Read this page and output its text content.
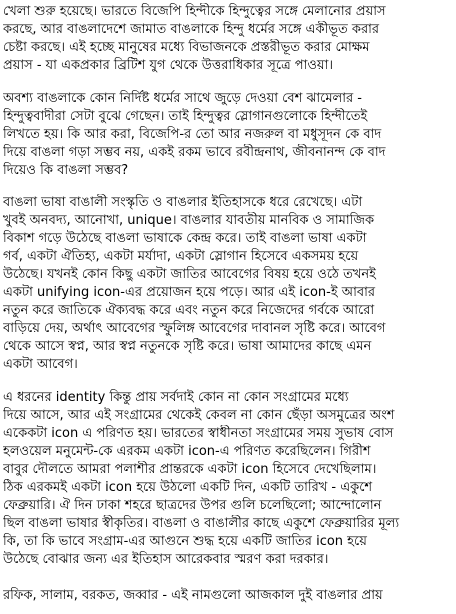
খেলা শুরু হয়েছে। ভারতে বিজেপি হিন্দীকে হিন্দুত্বের সঙ্গে মেলানোর প্রয়াস
করছে, আর বাঙলাদেশে জামাত বাঙলাকে হিন্দু ধর্মের সঙ্গে একীভূত করার
চেষ্টা করছে। এই হচ্ছে মানুষের মধ্যে বিভাজনকে প্রস্তরীভূত করার মোক্ষম
প্রয়াস - যা একপ্রকার ব্রিটিশ যুগ থেকে উত্তরাধিকার সূত্রে পাওয়া।
অবশ্য বাঙলাকে কোন নির্দিষ্ট ধর্মের সাথে জুড়ে দেওয়া বেশ ঝামেলার -
হিন্দুত্ববাদীরা সেটা বুঝে গেছেন। তাই হিন্দুত্বর স্লোগানগুলোকে হিন্দীতেই
লিখতে হয়। কি আর করা, বিজেপি-র তো আর নজরুল বা মধুসূদন কে বাদ
দিয়ে বাঙলা গড়া সম্ভব নয়, একই রকম ভাবে রবীন্দ্রনাথ, জীবনানন্দ কে বাদ
দিয়েও কি বাঙলা সম্ভব?
বাঙলা ভাষা বাঙালী সংস্কৃতি ও বাঙলার ইতিহাসকে ধরে রেখেছে। এটা
খুবই অনবদ্য, আনোখা, unique। বাঙলার যাবতীয় মানবিক ও সামাজিক
বিকাশ গড়ে উঠেছে বাঙলা ভাষাকে কেন্দ্র করে। তাই বাঙলা ভাষা একটা
গর্ব, একটা ঐতিহ্য, একটা মর্যাদা, একটা স্লোগান হিসেবে একসময় হয়ে
উঠেছে। যখনই কোন কিছু একটা জাতির আবেগের বিষয় হয়ে ওঠে তখনই
একটা unifying icon-এর প্রয়োজন হয়ে পড়ে। আর এই icon-ই আবার
নতুন করে জাতিকে ঐক্যবদ্ধ করে এবং নতুন করে নিজেদের গর্বকে আরো
বাড়িয়ে দেয়, অর্থাৎ আবেগের স্ফুলিঙ্গ আবেগের দাবানল সৃষ্টি করে। আবেগ
থেকে আসে স্বপ্ন, আর স্বপ্ন নতুনকে সৃষ্টি করে। ভাষা আমাদের কাছে এমন
একটা আবেগ।
এ ধরনের identity কিন্তু প্রায় সর্বদাই কোন না কোন সংগ্রামের মধ্যে
দিয়ে আসে, আর এই সংগ্রামের থেকেই কেবল না কোন ছেঁড়া অসমুত্রের অংশ
একেকটা icon এ পরিণত হয়। ভারতের স্বাধীনতা সংগ্রামের সময় সুভাষ বোস
হলওয়েল মনুমেন্ট-কে এরকম একটা icon-এ পরিণত করেছিলেন। গিরীশ
বাবুর দৌলতে আমরা পলাশীর প্রান্তরকে একটা icon হিসেবে দেখেছিলাম।
ঠিক এরকমই একটা icon হয়ে উঠলো একটি দিন, একটি তারিখ - একুশে
ফেব্রুয়ারি। ঐ দিন ঢাকা শহরে ছাত্রদের উপর গুলি চলেছিলো; আন্দোলোন
ছিল বাঙলা ভাষার স্বীকৃতির। বাঙলা ও বাঙালীর কাছে একুশে ফেব্রুয়ারির মূল্য
কি, তা কি ভাবে সংগ্রাম-এর আগুনে শুদ্ধ হয়ে একটি জাতির icon হয়ে
উঠেছে বোঝার জন্য এর ইতিহাস আরেকবার স্মরণ করা দরকার।
রফিক, সালাম, বরকত, জব্বার - এই নামগুলো আজকাল দুই বাঙলার প্রায়
